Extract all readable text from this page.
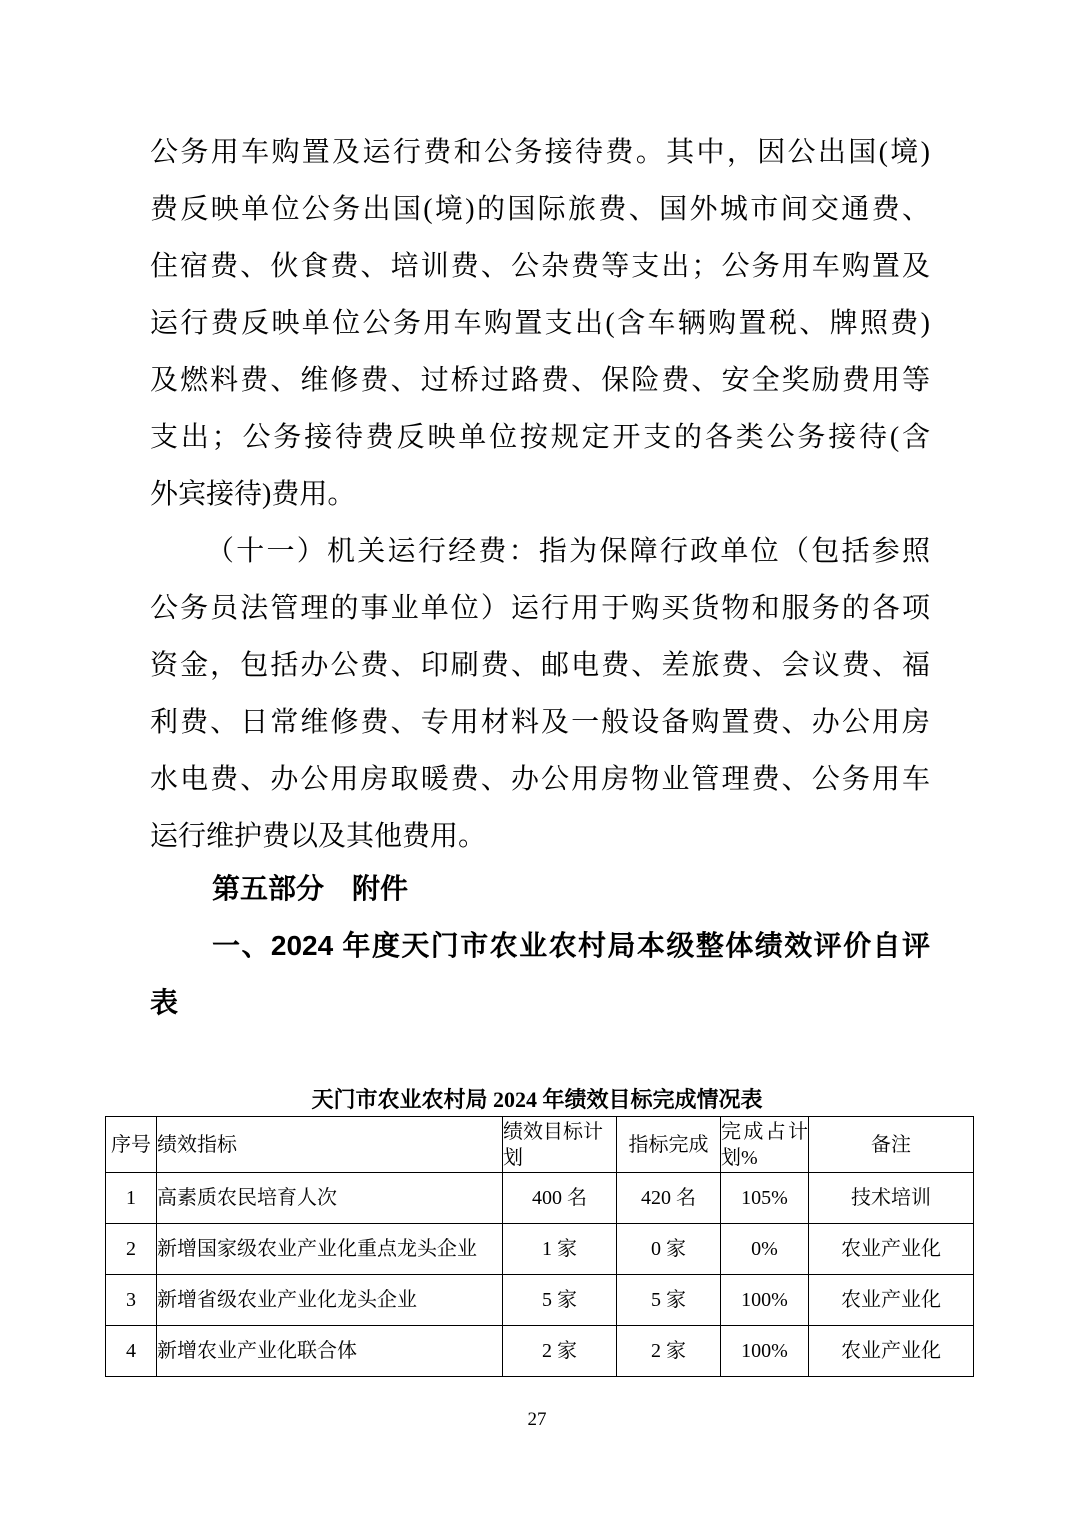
公务用车购置及运行费和公务接待费。其中，因公出国(境)
费反映单位公务出国(境)的国际旅费、国外城市间交通费、
住宿费、伙食费、培训费、公杂费等支出；公务用车购置及
运行费反映单位公务用车购置支出(含车辆购置税、牌照费)
及燃料费、维修费、过桥过路费、保险费、安全奖励费用等
支出；公务接待费反映单位按规定开支的各类公务接待(含
外宾接待)费用。
（十一）机关运行经费：指为保障行政单位（包括参照
公务员法管理的事业单位）运行用于购买货物和服务的各项
资金，包括办公费、印刷费、邮电费、差旅费、会议费、福
利费、日常维修费、专用材料及一般设备购置费、办公用房
水电费、办公用房取暖费、办公用房物业管理费、公务用车
运行维护费以及其他费用。
第五部分　附件
一、2024 年度天门市农业农村局本级整体绩效评价自评
表
天门市农业农村局 2024 年绩效目标完成情况表
序号	绩效指标	绩效目标计划	指标完成	完成占计划%	备注
1	高素质农民培育人次	400 名	420 名	105%	技术培训
2	新增国家级农业产业化重点龙头企业	1 家	0 家	0%	农业产业化
3	新增省级农业产业化龙头企业	5 家	5 家	100%	农业产业化
4	新增农业产业化联合体	2 家	2 家	100%	农业产业化
27
